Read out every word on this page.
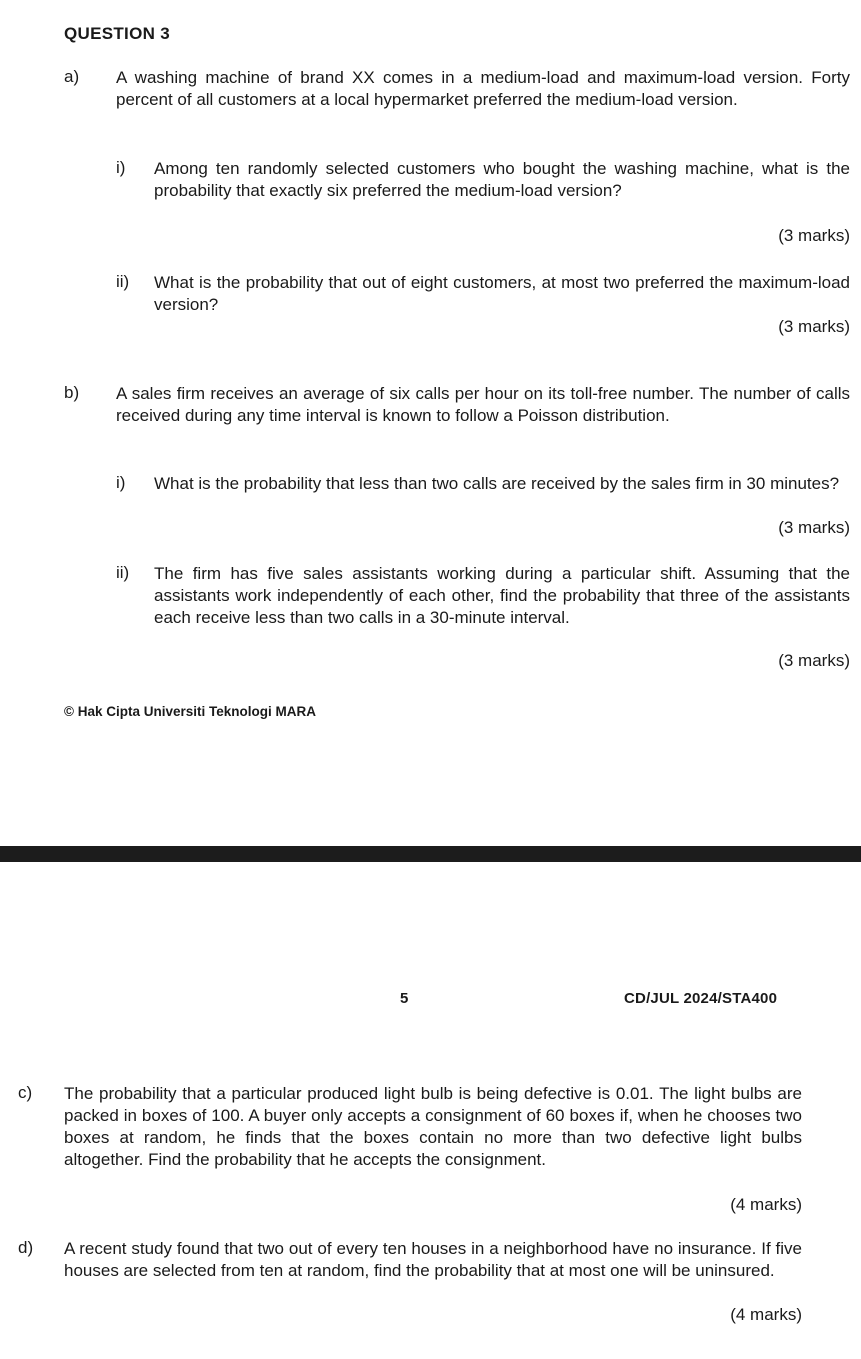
QUESTION 3
a) A washing machine of brand XX comes in a medium-load and maximum-load version. Forty percent of all customers at a local hypermarket preferred the medium-load version.

i) Among ten randomly selected customers who bought the washing machine, what is the probability that exactly six preferred the medium-load version?

(3 marks)
ii) What is the probability that out of eight customers, at most two preferred the maximum-load version?

(3 marks)
b) A sales firm receives an average of six calls per hour on its toll-free number. The number of calls received during any time interval is known to follow a Poisson distribution.

i) What is the probability that less than two calls are received by the sales firm in 30 minutes?

(3 marks)
ii) The firm has five sales assistants working during a particular shift. Assuming that the assistants work independently of each other, find the probability that three of the assistants each receive less than two calls in a 30-minute interval.

(3 marks)
© Hak Cipta Universiti Teknologi MARA
5	CD/JUL 2024/STA400
c) The probability that a particular produced light bulb is being defective is 0.01. The light bulbs are packed in boxes of 100. A buyer only accepts a consignment of 60 boxes if, when he chooses two boxes at random, he finds that the boxes contain no more than two defective light bulbs altogether. Find the probability that he accepts the consignment.

(4 marks)
d) A recent study found that two out of every ten houses in a neighborhood have no insurance. If five houses are selected from ten at random, find the probability that at most one will be uninsured.

(4 marks)
